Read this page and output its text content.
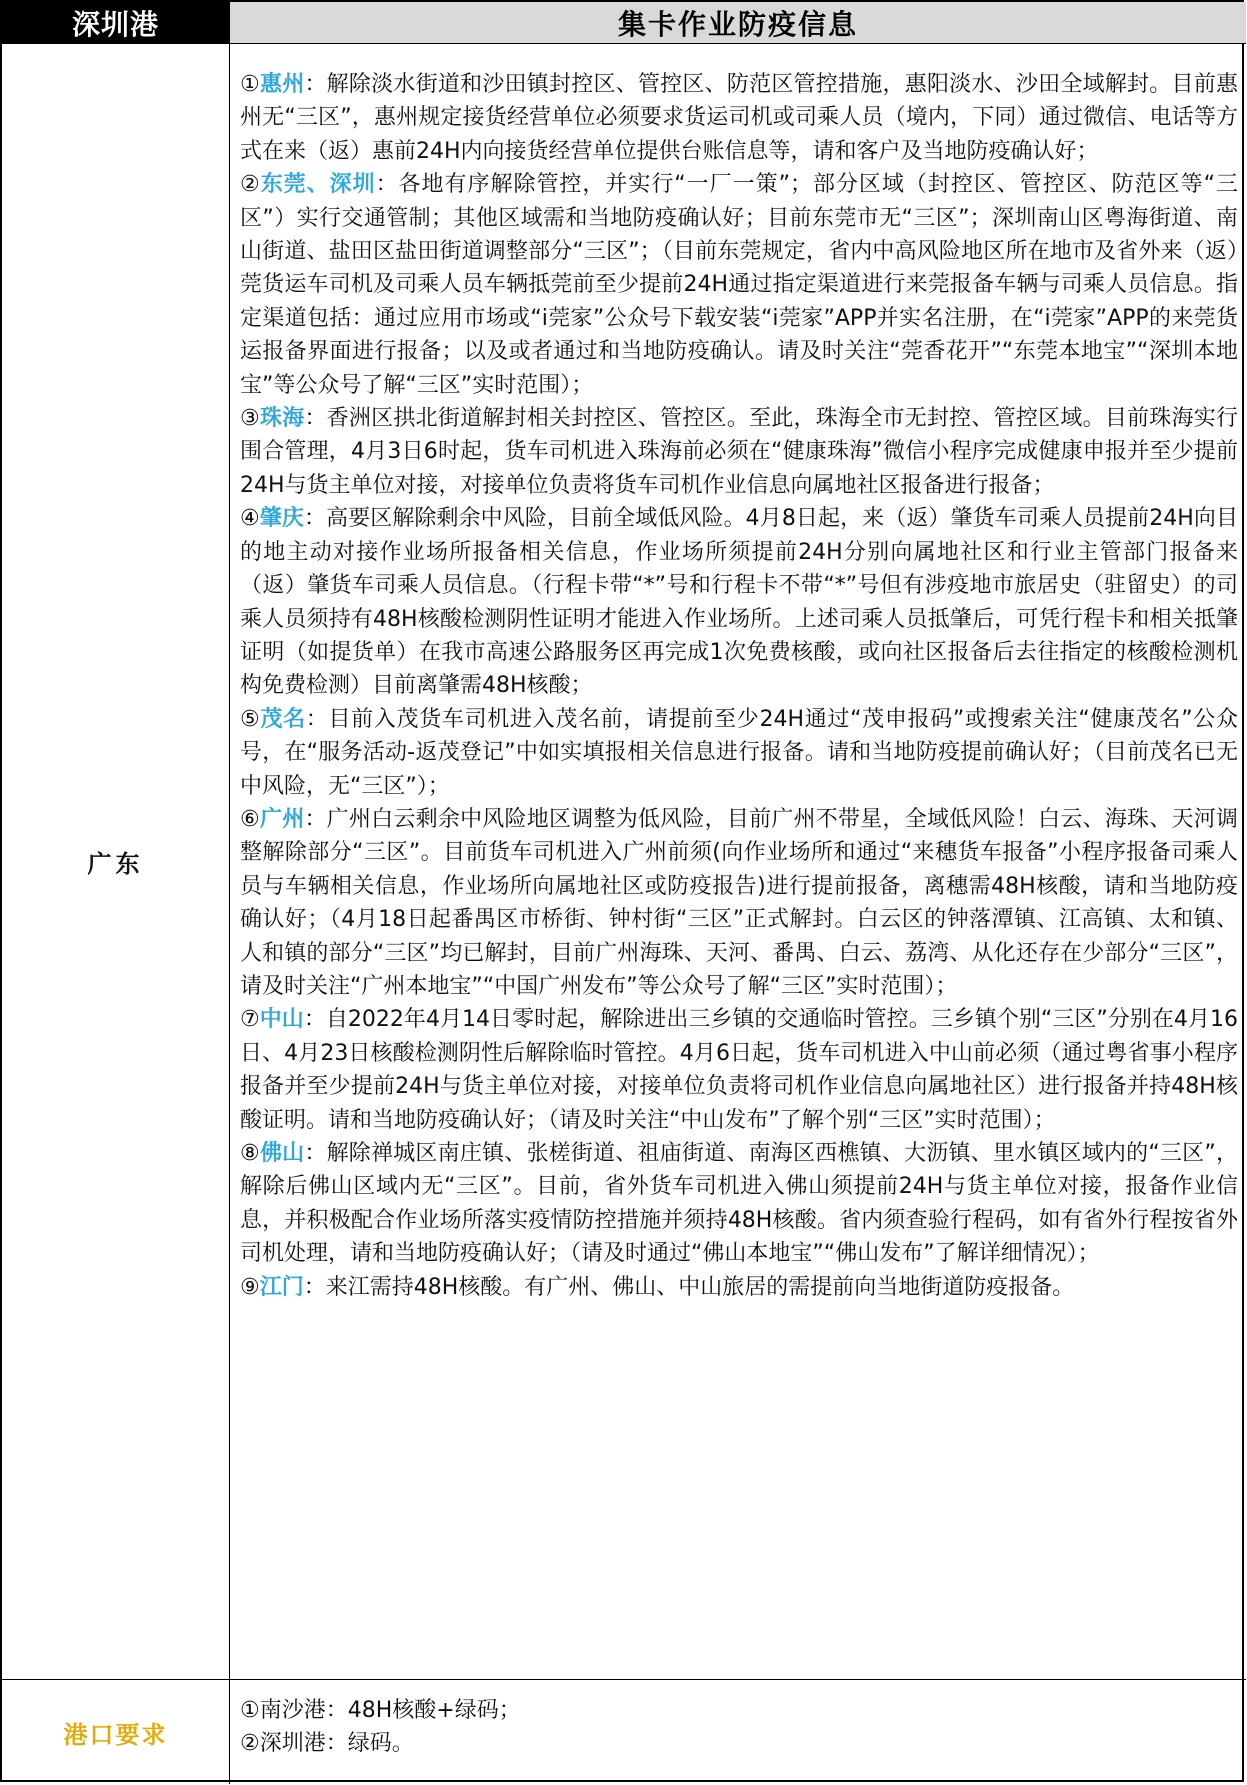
深圳港	集卡作业防疫信息
广东

①惠州：解除淡水街道和沙田镇封控区、管控区、防范区管控措施，惠阳淡水、沙田全域解封。目前惠州无“三区”，惠州规定接货经营单位必须要求货运司机或司乘人员（境内，下同）通过微信、电话等方式在来（返）惠前24H内向接货经营单位提供台账信息等，请和客户及当地防疫确认好；

②东莞、深圳：各地有序解除管控，并实行“一厂一策”；部分区域（封控区、管控区、防范区等“三区”）实行交通管制；其他区域需和当地防疫确认好；目前东莞市无“三区”；深圳南山区粤海街道、南山街道、盐田区盐田街道调整部分“三区”；（目前东莞规定，省内中高风险地区所在地市及省外来（返）莞货运车司机及司乘人员车辆抵莞前至少提前24H通过指定渠道进行来莞报备车辆与司乘人员信息。指定渠道包括：通过应用市场或“i莞家”公众号下载安装“i莞家”APP并实名注册，在“i莞家”APP的来莞货运报备界面进行报备；以及或者通过和当地防疫确认。请及时关注“莞香花开”“东莞本地宝”“深圳本地宝”等公众号了解“三区”实时范围）；

③珠海：香洲区拱北街道解封相关封控区、管控区。至此，珠海全市无封控、管控区域。目前珠海实行围合管理，4月3日6时起，货车司机进入珠海前必须在“健康珠海”微信小程序完成健康申报并至少提前24H与货主单位对接，对接单位负责将货车司机作业信息向属地社区报备进行报备；

④肇庆：高要区解除剩余中风险，目前全域低风险。4月8日起，来（返）肇货车司乘人员提前24H向目的地主动对接作业场所报备相关信息，作业场所须提前24H分别向属地社区和行业主管部门报备来（返）肇货车司乘人员信息。（行程卡带“*”号和行程卡不带“*”号但有涉疫地市旅居史（驻留史）的司乘人员须持有48H核酸检测阴性证明才能进入作业场所。上述司乘人员抵肇后，可凭行程卡和相关抵肇证明（如提货单）在我市高速公路服务区再完成1次免费核酸，或向社区报备后去往指定的核酸检测机构免费检测）目前离肇需48H核酸；

⑤茂名：目前入茂货车司机进入茂名前，请提前至少24H通过“茂申报码”或搜索关注“健康茂名”公众号，在“服务活动-返茂登记”中如实填报相关信息进行报备。请和当地防疫提前确认好；（目前茂名已无中风险，无“三区”）；

⑥广州：广州白云剩余中风险地区调整为低风险，目前广州不带星，全域低风险！白云、海珠、天河调整解除部分“三区”。目前货车司机进入广州前须(向作业场所和通过“来穗货车报备”小程序报备司乘人员与车辆相关信息，作业场所向属地社区或防疫报告)进行提前报备，离穗需48H核酸，请和当地防疫确认好；（4月18日起番禺区市桥街、钟村街“三区”正式解封。白云区的钟落潭镇、江高镇、太和镇、人和镇的部分“三区”均已解封，目前广州海珠、天河、番禺、白云、荔湾、从化还存在少部分“三区”，请及时关注“广州本地宝”“中国广州发布”等公众号了解“三区”实时范围）；

⑦中山：自2022年4月14日零时起，解除进出三乡镇的交通临时管控。三乡镇个别“三区”分别在4月16日、4月23日核酸检测阴性后解除临时管控。4月6日起，货车司机进入中山前必须（通过粤省事小程序报备并至少提前24H与货主单位对接，对接单位负责将司机作业信息向属地社区）进行报备并持48H核酸证明。请和当地防疫确认好；（请及时关注“中山发布”了解个别“三区”实时范围）；

⑧佛山：解除禅城区南庄镇、张槎街道、祖庙街道、南海区西樵镇、大沥镇、里水镇区域内的“三区”，解除后佛山区域内无“三区”。目前，省外货车司机进入佛山须提前24H与货主单位对接，报备作业信息，并积极配合作业场所落实疫情防控措施并须持48H核酸。省内须查验行程码，如有省外行程按省外司机处理，请和当地防疫确认好；（请及时通过“佛山本地宝”“佛山发布”了解详细情况）；

⑨江门：来江需持48H核酸。有广州、佛山、中山旅居的需提前向当地街道防疫报备。

港口要求

①南沙港：48H核酸+绿码；

②深圳港：绿码。
